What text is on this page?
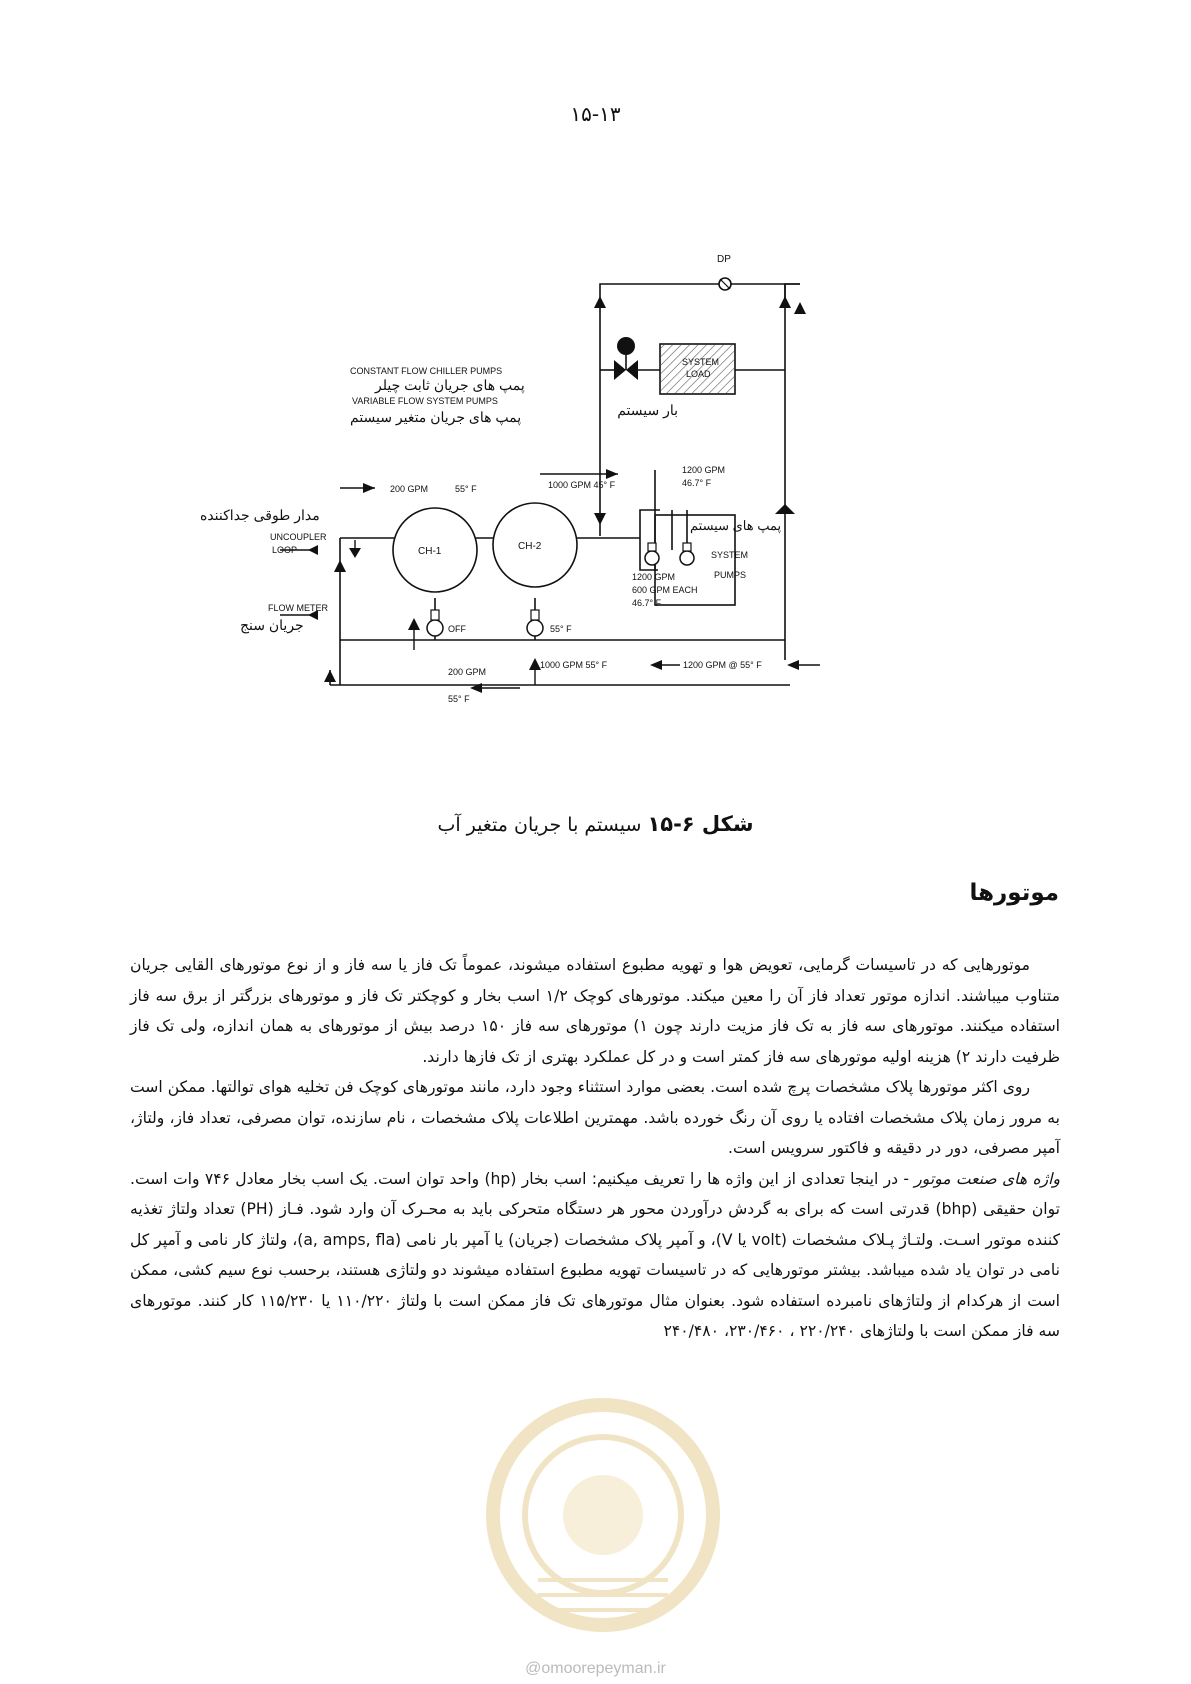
۱۵-۱۳
DP
SYSTEM
LOAD
بار سیستم
CONSTANT FLOW CHILLER PUMPS
پمپ های جریان ثابت چیلر
VARIABLE FLOW SYSTEM PUMPS
پمپ های جریان متغیر سیستم
1200 GPM
46.7° F
پمپ های سیستم
SYSTEM
PUMPS
200 GPM	55° F	1000 GPM 45° F
مدار طوقی جداکننده
UNCOUPLER
LOOP	CH-1	CH-2
OFF	55° F
1200 GPM
600 GPM EACH
46.7° F
FLOW METER
جریان سنج
200 GPM
55° F
1000 GPM 55° F	1200 GPM @ 55° F
شکل ۶-۱۵ سیستم با جریان متغیر آب
موتورها

موتورهایی که در تاسیسات گرمایی، تعویض هوا و تهویه مطبوع استفاده میشوند، عموماً تک فاز یا سه فاز و از نوع موتورهای القایی جریان متناوب میباشند. اندازه موتور تعداد فاز آن را معین میکند. موتورهای کوچک ۱/۲ اسب بخار و کوچکتر تک فاز و موتورهای بزرگتر از برق سه فاز استفاده میکنند. موتورهای سه فاز به تک فاز مزیت دارند چون ۱) موتورهای سه فاز ۱۵۰ درصد بیش از موتورهای به همان اندازه، ولی تک فاز ظرفیت دارند ۲) هزینه اولیه موتورهای سه فاز کمتر است و در کل عملکرد بهتری از تک فازها دارند.

روی اکثر موتورها پلاک مشخصات پرچ شده است. بعضی موارد استثناء وجود دارد، مانند موتورهای کوچک فن تخلیه هوای توالتها. ممکن است به مرور زمان پلاک مشخصات افتاده یا روی آن رنگ خورده باشد. مهمترین اطلاعات پلاک مشخصات ، نام سازنده، توان مصرفی، تعداد فاز، ولتاژ، آمپر مصرفی، دور در دقیقه و فاکتور سرویس است.

واژه های صنعت موتور - در اینجا تعدادی از این واژه ها را تعریف میکنیم: اسب بخار (hp) واحد توان است. یک اسب بخار معادل ۷۴۶ وات است. توان حقیقی (bhp) قدرتی است که برای به گردش درآوردن محور هر دستگاه متحرکی باید به محـرک آن وارد شود. فـاز (PH) تعداد ولتاژ تغذیه کننده موتور اسـت. ولتـاژ پـلاک مشخصات (volt یا V)، و آمپر پلاک مشخصات (جریان) یا آمپر بار نامی (a, amps, fla)، ولتاژ کار نامی و آمپر کل نامی در توان یاد شده میباشد. بیشتر موتورهایی که در تاسیسات تهویه مطبوع استفاده میشوند دو ولتاژی هستند، برحسب نوع سیم کشی، ممکن است از هرکدام از ولتاژهای نامبرده استفاده شود. بعنوان مثال موتورهای تک فاز ممکن است با ولتاژ ۱۱۰/۲۲۰ یا ۱۱۵/۲۳۰ کار کنند. موتورهای سه فاز ممکن است با ولتاژهای ۲۲۰/۲۴۰ ، ۲۳۰/۴۶۰، ۲۴۰/۴۸۰

@omoorepeyman.ir
